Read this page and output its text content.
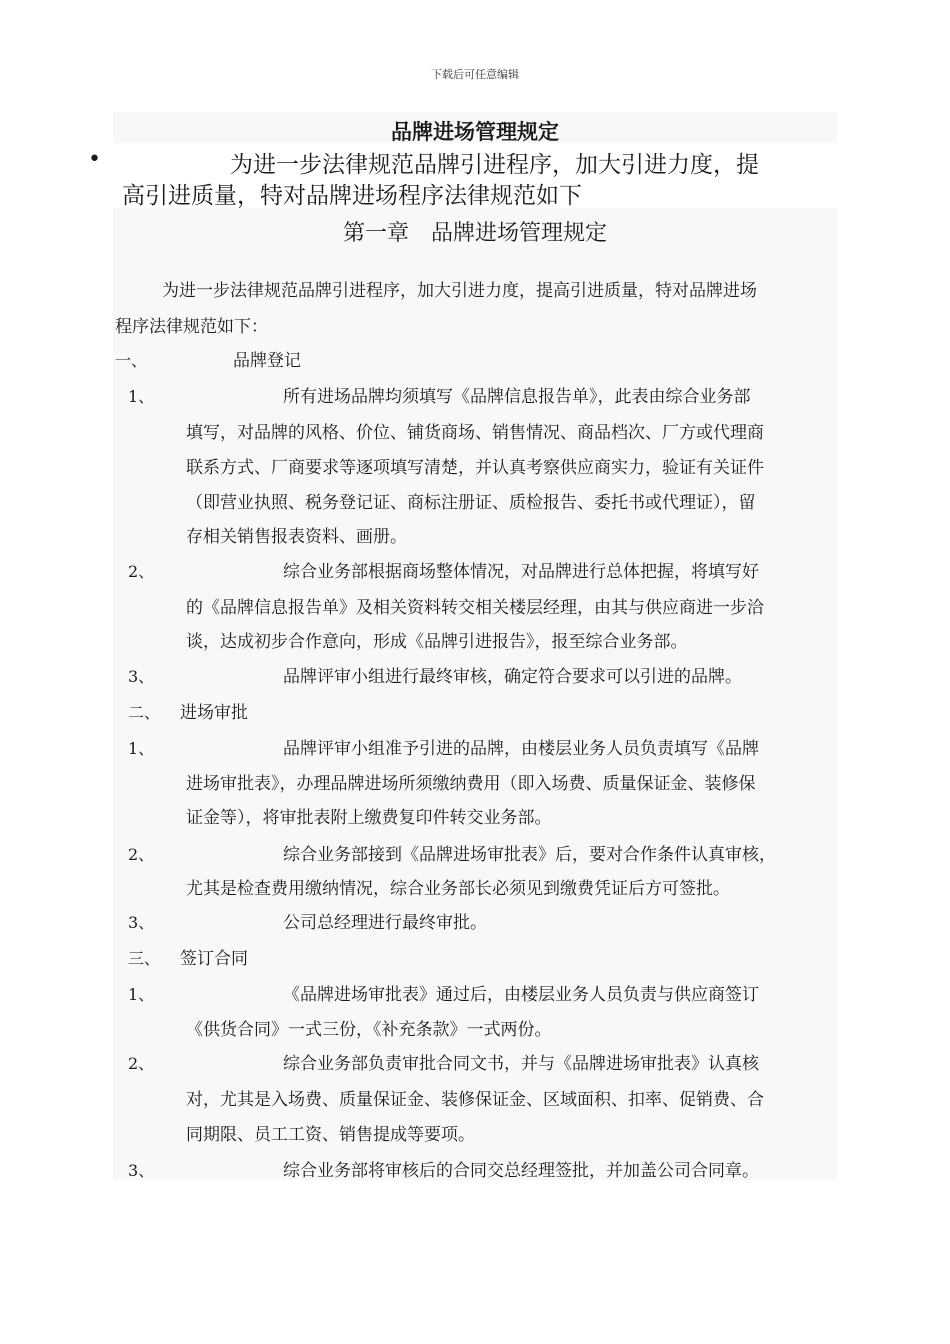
下载后可任意编辑
品牌进场管理规定
•	为进一步法律规范品牌引进程序，加大引进力度，提
高引进质量，特对品牌进场程序法律规范如下
第一章　品牌进场管理规定
为进一步法律规范品牌引进程序，加大引进力度，提高引进质量，特对品牌进场
程序法律规范如下：
一、	品牌登记
1、	所有进场品牌均须填写《品牌信息报告单》，此表由综合业务部
填写，对品牌的风格、价位、铺货商场、销售情况、商品档次、厂方或代理商
联系方式、厂商要求等逐项填写清楚，并认真考察供应商实力，验证有关证件
（即营业执照、税务登记证、商标注册证、质检报告、委托书或代理证），留
存相关销售报表资料、画册。
2、	综合业务部根据商场整体情况，对品牌进行总体把握，将填写好
的《品牌信息报告单》及相关资料转交相关楼层经理，由其与供应商进一步洽
谈，达成初步合作意向，形成《品牌引进报告》，报至综合业务部。
3、	品牌评审小组进行最终审核，确定符合要求可以引进的品牌。
二、 进场审批
1、	品牌评审小组准予引进的品牌，由楼层业务人员负责填写《品牌
进场审批表》，办理品牌进场所须缴纳费用（即入场费、质量保证金、装修保
证金等），将审批表附上缴费复印件转交业务部。
2、	综合业务部接到《品牌进场审批表》后，要对合作条件认真审核，
尤其是检查费用缴纳情况，综合业务部长必须见到缴费凭证后方可签批。
3、	公司总经理进行最终审批。
三、 签订合同
1、	《品牌进场审批表》通过后，由楼层业务人员负责与供应商签订
《供货合同》一式三份，《补充条款》一式两份。
2、	综合业务部负责审批合同文书，并与《品牌进场审批表》认真核
对，尤其是入场费、质量保证金、装修保证金、区域面积、扣率、促销费、合
同期限、员工工资、销售提成等要项。
3、	综合业务部将审核后的合同交总经理签批，并加盖公司合同章。
